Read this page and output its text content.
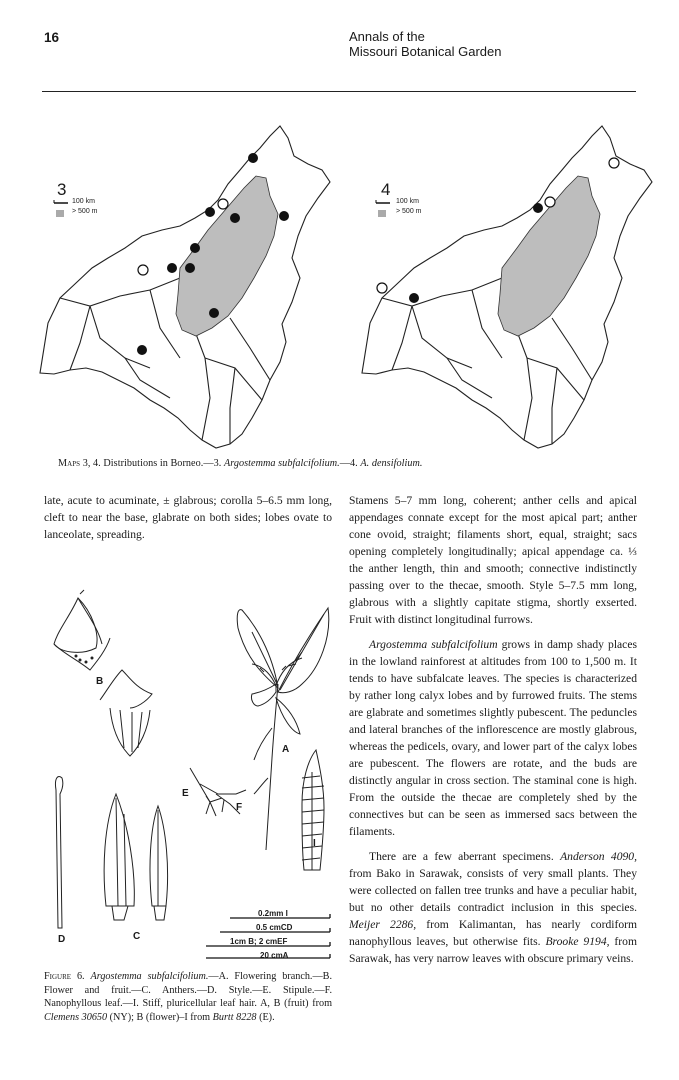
16	Annals of the
Missouri Botanical Garden
3
100 km
> 500 m
4
100 km
> 500 m
Maps 3, 4. Distributions in Borneo.—3. Argostemma subfalcifolium.—4. A. densifolium.
late, acute to acuminate, ± glabrous; corolla 5–6.5 mm long, cleft to near the base, glabrate on both sides; lobes ovate to lanceolate, spreading.
B
A
E
F
I
D	C
0.2mm I
0.5 cmCD
1cm B; 2 cmEF
20 cmA
Figure 6. Argostemma subfalcifolium.—A. Flowering branch.—B. Flower and fruit.—C. Anthers.—D. Style.—E. Stipule.—F. Nanophyllous leaf.—I. Stiff, pluricellular leaf hair. A, B (fruit) from Clemens 30650 (NY); B (flower)–I from Burtt 8228 (E).

Stamens 5–7 mm long, coherent; anther cells and apical appendages connate except for the most apical part; anther cone ovoid, straight; filaments short, equal, straight; sacs opening completely longitudinally; apical appendage ca. ⅓ the anther length, thin and smooth; connective indistinctly passing over to the thecae, smooth. Style 5–7.5 mm long, glabrous with a slightly capitate stigma, shortly exserted. Fruit with distinct longitudinal furrows.

Argostemma subfalcifolium grows in damp shady places in the lowland rainforest at altitudes from 100 to 1,500 m. It tends to have subfalcate leaves. The species is characterized by rather long calyx lobes and by furrowed fruits. The stems are glabrate and sometimes slightly pubescent. The peduncles and lateral branches of the inflorescence are mostly glabrous, whereas the pedicels, ovary, and lower part of the calyx lobes are pubescent. The flowers are rotate, and the buds are distinctly angular in cross section. The staminal cone is high. From the outside the thecae are completely shed by the connectives but can be seen as immersed sacs between the filaments.

There are a few aberrant specimens. Anderson 4090, from Bako in Sarawak, consists of very small plants. They were collected on fallen tree trunks and have a peculiar habit, but no other details contradict inclusion in this species. Meijer 2286, from Kalimantan, has nearly cordiform nanophyllous leaves, but otherwise fits. Brooke 9194, from Sarawak, has very narrow leaves with obscure primary veins.
